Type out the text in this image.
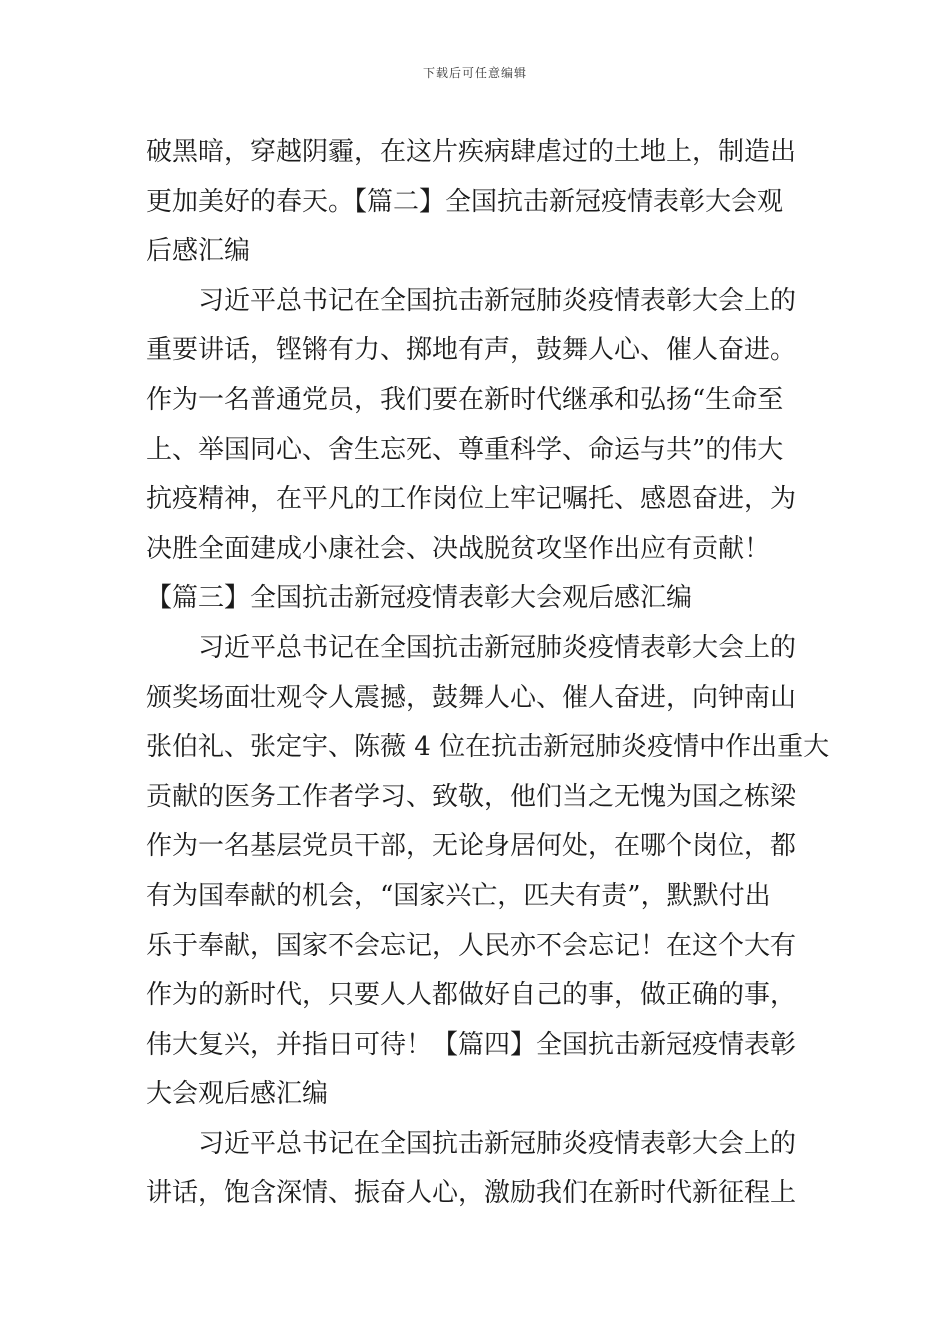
下载后可任意编辑
破黑暗，穿越阴霾，在这片疾病肆虐过的土地上，制造出
更加美好的春天。【篇二】全国抗击新冠疫情表彰大会观
后感汇编
　　习近平总书记在全国抗击新冠肺炎疫情表彰大会上的
重要讲话，铿锵有力、掷地有声，鼓舞人心、催人奋进。
作为一名普通党员，我们要在新时代继承和弘扬“生命至
上、举国同心、舍生忘死、尊重科学、命运与共”的伟大
抗疫精神，在平凡的工作岗位上牢记嘱托、感恩奋进，为
决胜全面建成小康社会、决战脱贫攻坚作出应有贡献！
【篇三】全国抗击新冠疫情表彰大会观后感汇编
　　习近平总书记在全国抗击新冠肺炎疫情表彰大会上的
颁奖场面壮观令人震撼，鼓舞人心、催人奋进，向钟南山
张伯礼、张定宇、陈薇 4 位在抗击新冠肺炎疫情中作出重大
贡献的医务工作者学习、致敬，他们当之无愧为国之栋梁
作为一名基层党员干部，无论身居何处，在哪个岗位，都
有为国奉献的机会，“国家兴亡，匹夫有责”，默默付出
乐于奉献，国家不会忘记，人民亦不会忘记！在这个大有
作为的新时代，只要人人都做好自己的事，做正确的事，
伟大复兴，并指日可待！【篇四】全国抗击新冠疫情表彰
大会观后感汇编
　　习近平总书记在全国抗击新冠肺炎疫情表彰大会上的
讲话，饱含深情、振奋人心，激励我们在新时代新征程上
